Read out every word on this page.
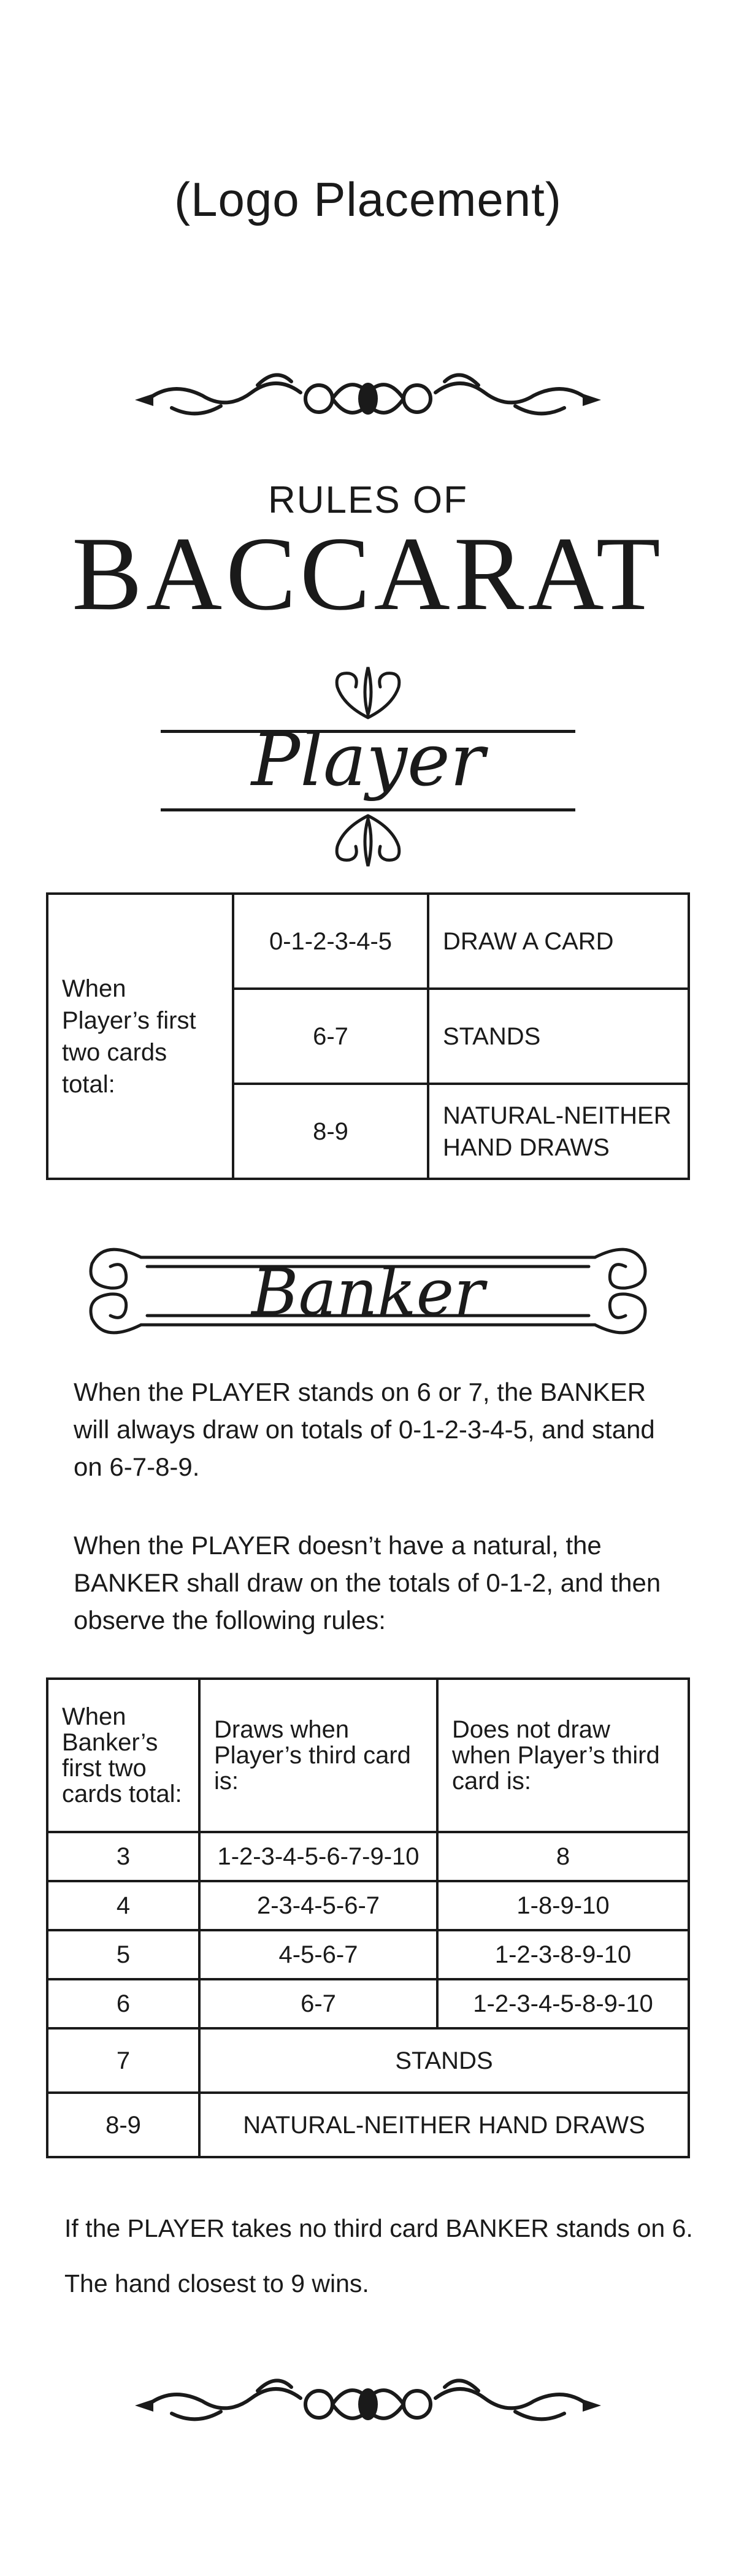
(Logo Placement)
RULES OF
BACCARAT
Player
When Player’s first two cards total:	0-1-2-3-4-5	DRAW A CARD
	6-7	STANDS
	8-9	NATURAL-NEITHER HAND DRAWS
Banker
When the PLAYER stands on 6 or 7, the BANKER will always draw on totals of 0-1-2-3-4-5, and stand on 6-7-8-9.
When the PLAYER doesn’t have a natural, the BANKER shall draw on the totals of 0-1-2, and then observe the following rules:
When Banker’s first two cards total:	Draws when Player’s third card is:	Does not draw when Player’s third card is:
3	1-2-3-4-5-6-7-9-10	8
4	2-3-4-5-6-7	1-8-9-10
5	4-5-6-7	1-2-3-8-9-10
6	6-7	1-2-3-4-5-8-9-10
7	STANDS	
8-9	NATURAL-NEITHER HAND DRAWS	
If the PLAYER takes no third card BANKER stands on 6.
The hand closest to 9 wins.
